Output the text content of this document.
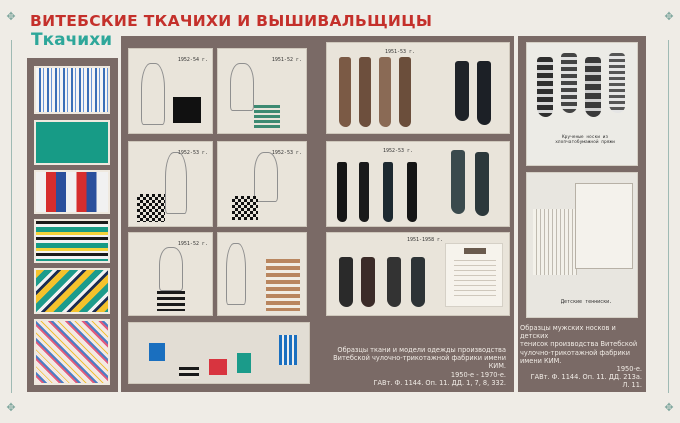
✥	✥
✥	✥
ВИТЕБСКИЕ ТКАЧИХИ И ВЫШИВАЛЬЩИЦЫ
Ткачихи
1952-54 г.	1951-52 г.
1952-53 г.	1952-53 г.
1951-52 г.
1951-53 г.
1952-53 г.
1951-1958 г.

Образцы ткани и модели одежды производства

Витебской чулочно-трикотажной фабрики имени КИМ.

1950-е - 1970-е.

ГАВт. Ф. 1144. Оп. 11. ДД. 1, 7, 8, 332.

Крученые носки из хлопчатобумажной пряжи
Детские тенниски.

Образцы мужских носков и детских

тенисок производства Витебской

чулочно-трикотажной фабрики

имени КИМ.

1950-е.

ГАВт. Ф. 1144. Оп. 11. ДД. 213а.

Л. 11.
